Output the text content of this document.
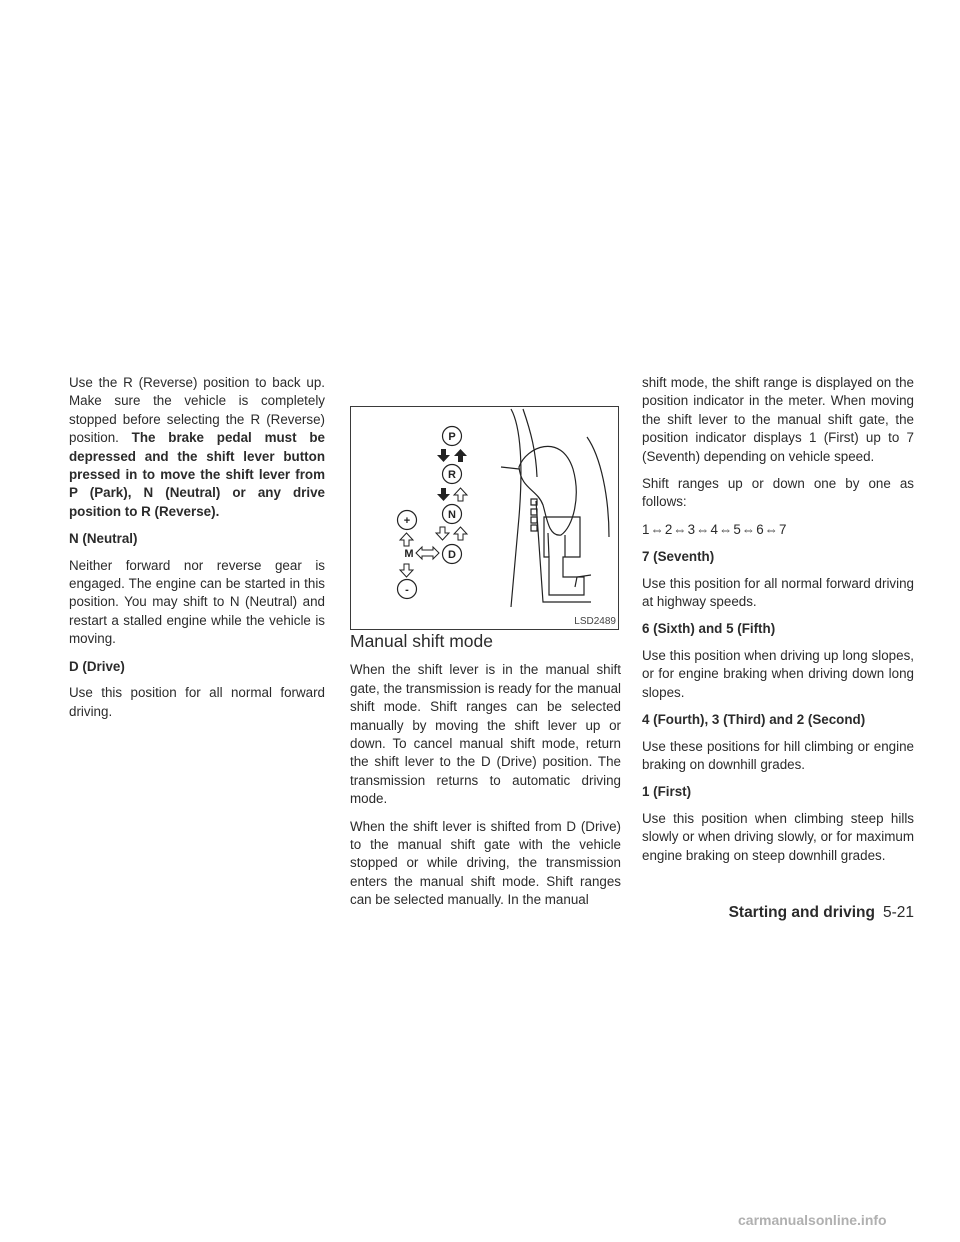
Use the R (Reverse) position to back up. Make sure the vehicle is completely stopped before selecting the R (Reverse) position. The brake pedal must be depressed and the shift lever button pressed in to move the shift lever from P (Park), N (Neutral) or any drive position to R (Reverse).

N (Neutral)

Neither forward nor reverse gear is engaged. The engine can be started in this position. You may shift to N (Neutral) and restart a stalled engine while the vehicle is moving.

D (Drive)

Use this position for all normal forward driving.

P
R
N
D
+
-
M
LSD2489
Manual shift mode

When the shift lever is in the manual shift gate, the transmission is ready for the manual shift mode. Shift ranges can be selected manually by moving the shift lever up or down. To cancel manual shift mode, return the shift lever to the D (Drive) position. The transmission returns to automatic driving mode.

When the shift lever is shifted from D (Drive) to the manual shift gate with the vehicle stopped or while driving, the transmission enters the manual shift mode. Shift ranges can be selected manually. In the manual

shift mode, the shift range is displayed on the position indicator in the meter. When moving the shift lever to the manual shift gate, the position indicator displays 1 (First) up to 7 (Seventh) depending on vehicle speed.

Shift ranges up or down one by one as follows:

1⇔2⇔3⇔4⇔5⇔6⇔7

7 (Seventh)

Use this position for all normal forward driving at highway speeds.

6 (Sixth) and 5 (Fifth)

Use this position when driving up long slopes, or for engine braking when driving down long slopes.

4 (Fourth), 3 (Third) and 2 (Second)

Use these positions for hill climbing or engine braking on downhill grades.

1 (First)

Use this position when climbing steep hills slowly or when driving slowly, or for maximum engine braking on steep downhill grades.

Starting and driving 5-21
carmanualsonline.info
